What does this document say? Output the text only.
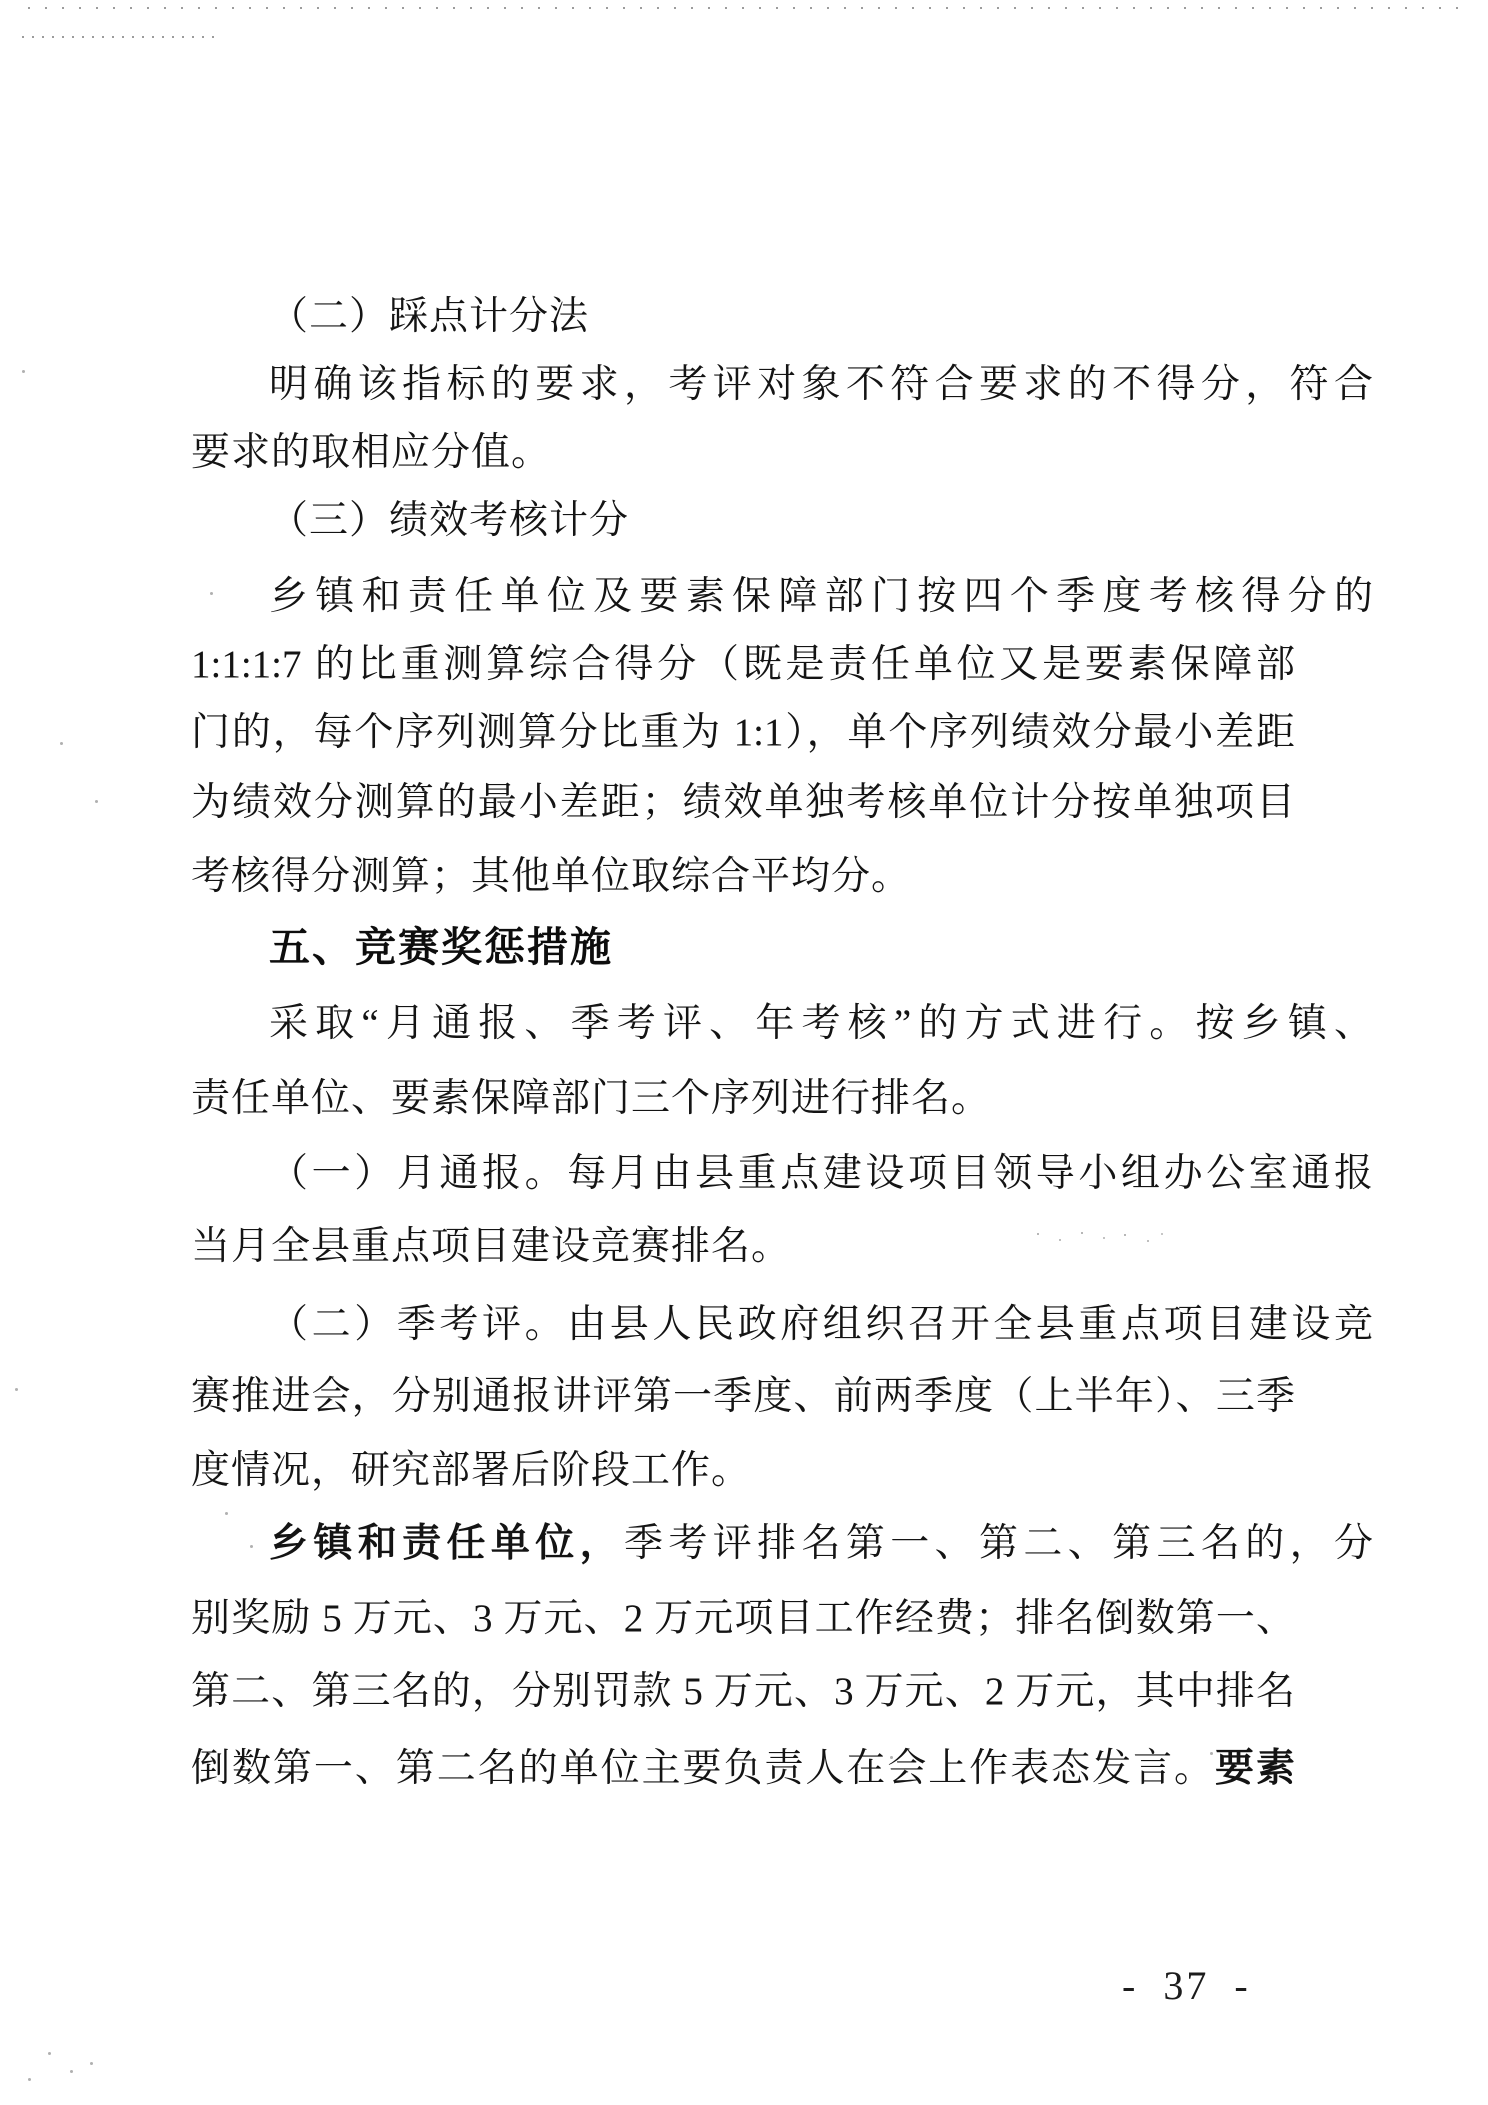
（二）踩点计分法
明确该指标的要求，考评对象不符合要求的不得分，符合
要求的取相应分值。
（三）绩效考核计分
乡镇和责任单位及要素保障部门按四个季度考核得分的
1:1:1:7 的比重测算综合得分（既是责任单位又是要素保障部
门的，每个序列测算分比重为 1:1），单个序列绩效分最小差距
为绩效分测算的最小差距；绩效单独考核单位计分按单独项目
考核得分测算；其他单位取综合平均分。
五、竞赛奖惩措施
采取“月通报、季考评、年考核”的方式进行。按乡镇、
责任单位、要素保障部门三个序列进行排名。
（一）月通报。每月由县重点建设项目领导小组办公室通报
当月全县重点项目建设竞赛排名。
（二）季考评。由县人民政府组织召开全县重点项目建设竞
赛推进会，分别通报讲评第一季度、前两季度（上半年）、三季
度情况，研究部署后阶段工作。
乡镇和责任单位，季考评排名第一、第二、第三名的，分
别奖励 5 万元、3 万元、2 万元项目工作经费；排名倒数第一、
第二、第三名的，分别罚款 5 万元、3 万元、2 万元，其中排名
倒数第一、第二名的单位主要负责人在会上作表态发言。要素
- 37 -
